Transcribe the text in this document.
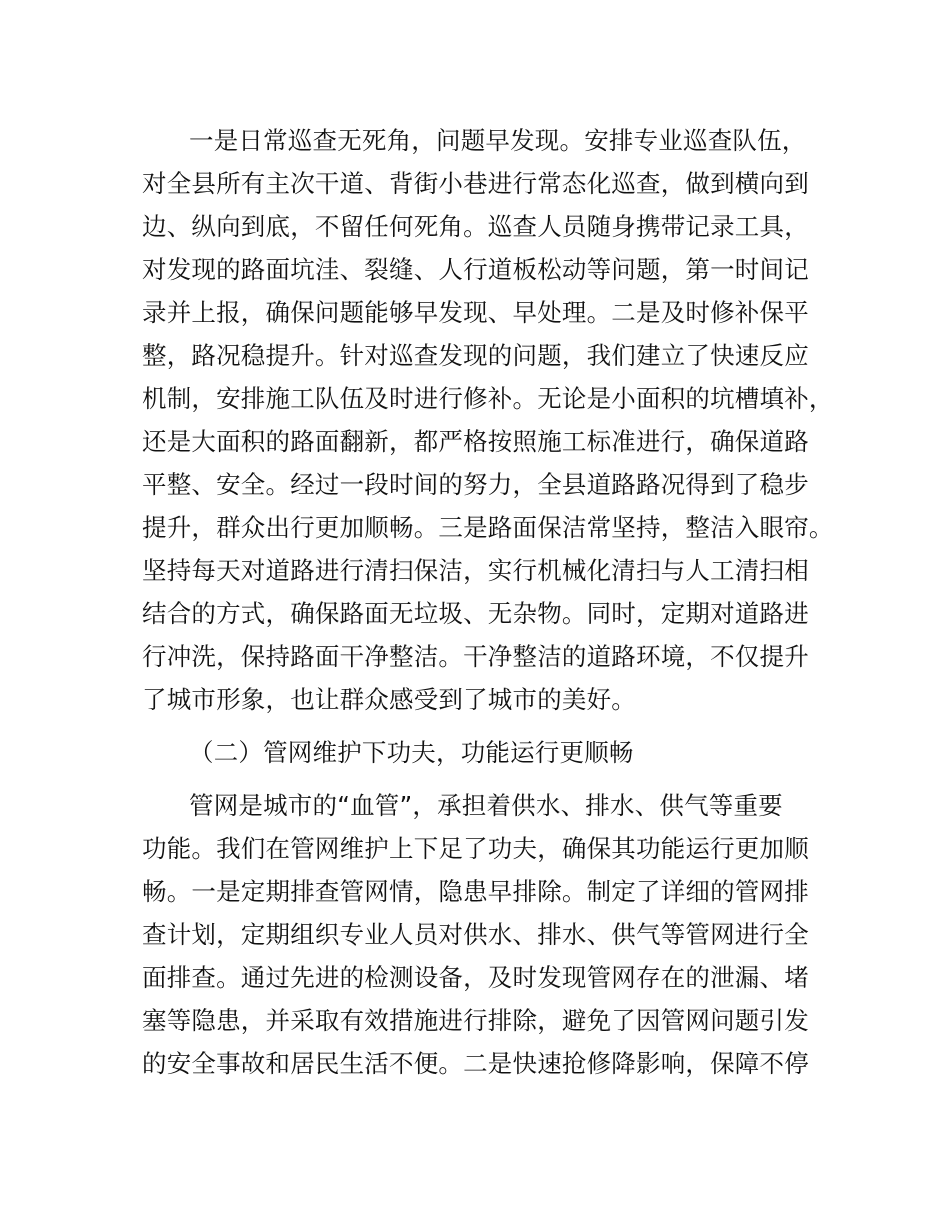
一是日常巡查无死角，问题早发现。安排专业巡查队伍，
对全县所有主次干道、背街小巷进行常态化巡查，做到横向到
边、纵向到底，不留任何死角。巡查人员随身携带记录工具，
对发现的路面坑洼、裂缝、人行道板松动等问题，第一时间记
录并上报，确保问题能够早发现、早处理。二是及时修补保平
整，路况稳提升。针对巡查发现的问题，我们建立了快速反应
机制，安排施工队伍及时进行修补。无论是小面积的坑槽填补，
还是大面积的路面翻新，都严格按照施工标准进行，确保道路
平整、安全。经过一段时间的努力，全县道路路况得到了稳步
提升，群众出行更加顺畅。三是路面保洁常坚持，整洁入眼帘。
坚持每天对道路进行清扫保洁，实行机械化清扫与人工清扫相
结合的方式，确保路面无垃圾、无杂物。同时，定期对道路进
行冲洗，保持路面干净整洁。干净整洁的道路环境，不仅提升
了城市形象，也让群众感受到了城市的美好。
（二）管网维护下功夫，功能运行更顺畅
管网是城市的“血管”，承担着供水、排水、供气等重要
功能。我们在管网维护上下足了功夫，确保其功能运行更加顺
畅。一是定期排查管网情，隐患早排除。制定了详细的管网排
查计划，定期组织专业人员对供水、排水、供气等管网进行全
面排查。通过先进的检测设备，及时发现管网存在的泄漏、堵
塞等隐患，并采取有效措施进行排除，避免了因管网问题引发
的安全事故和居民生活不便。二是快速抢修降影响，保障不停
